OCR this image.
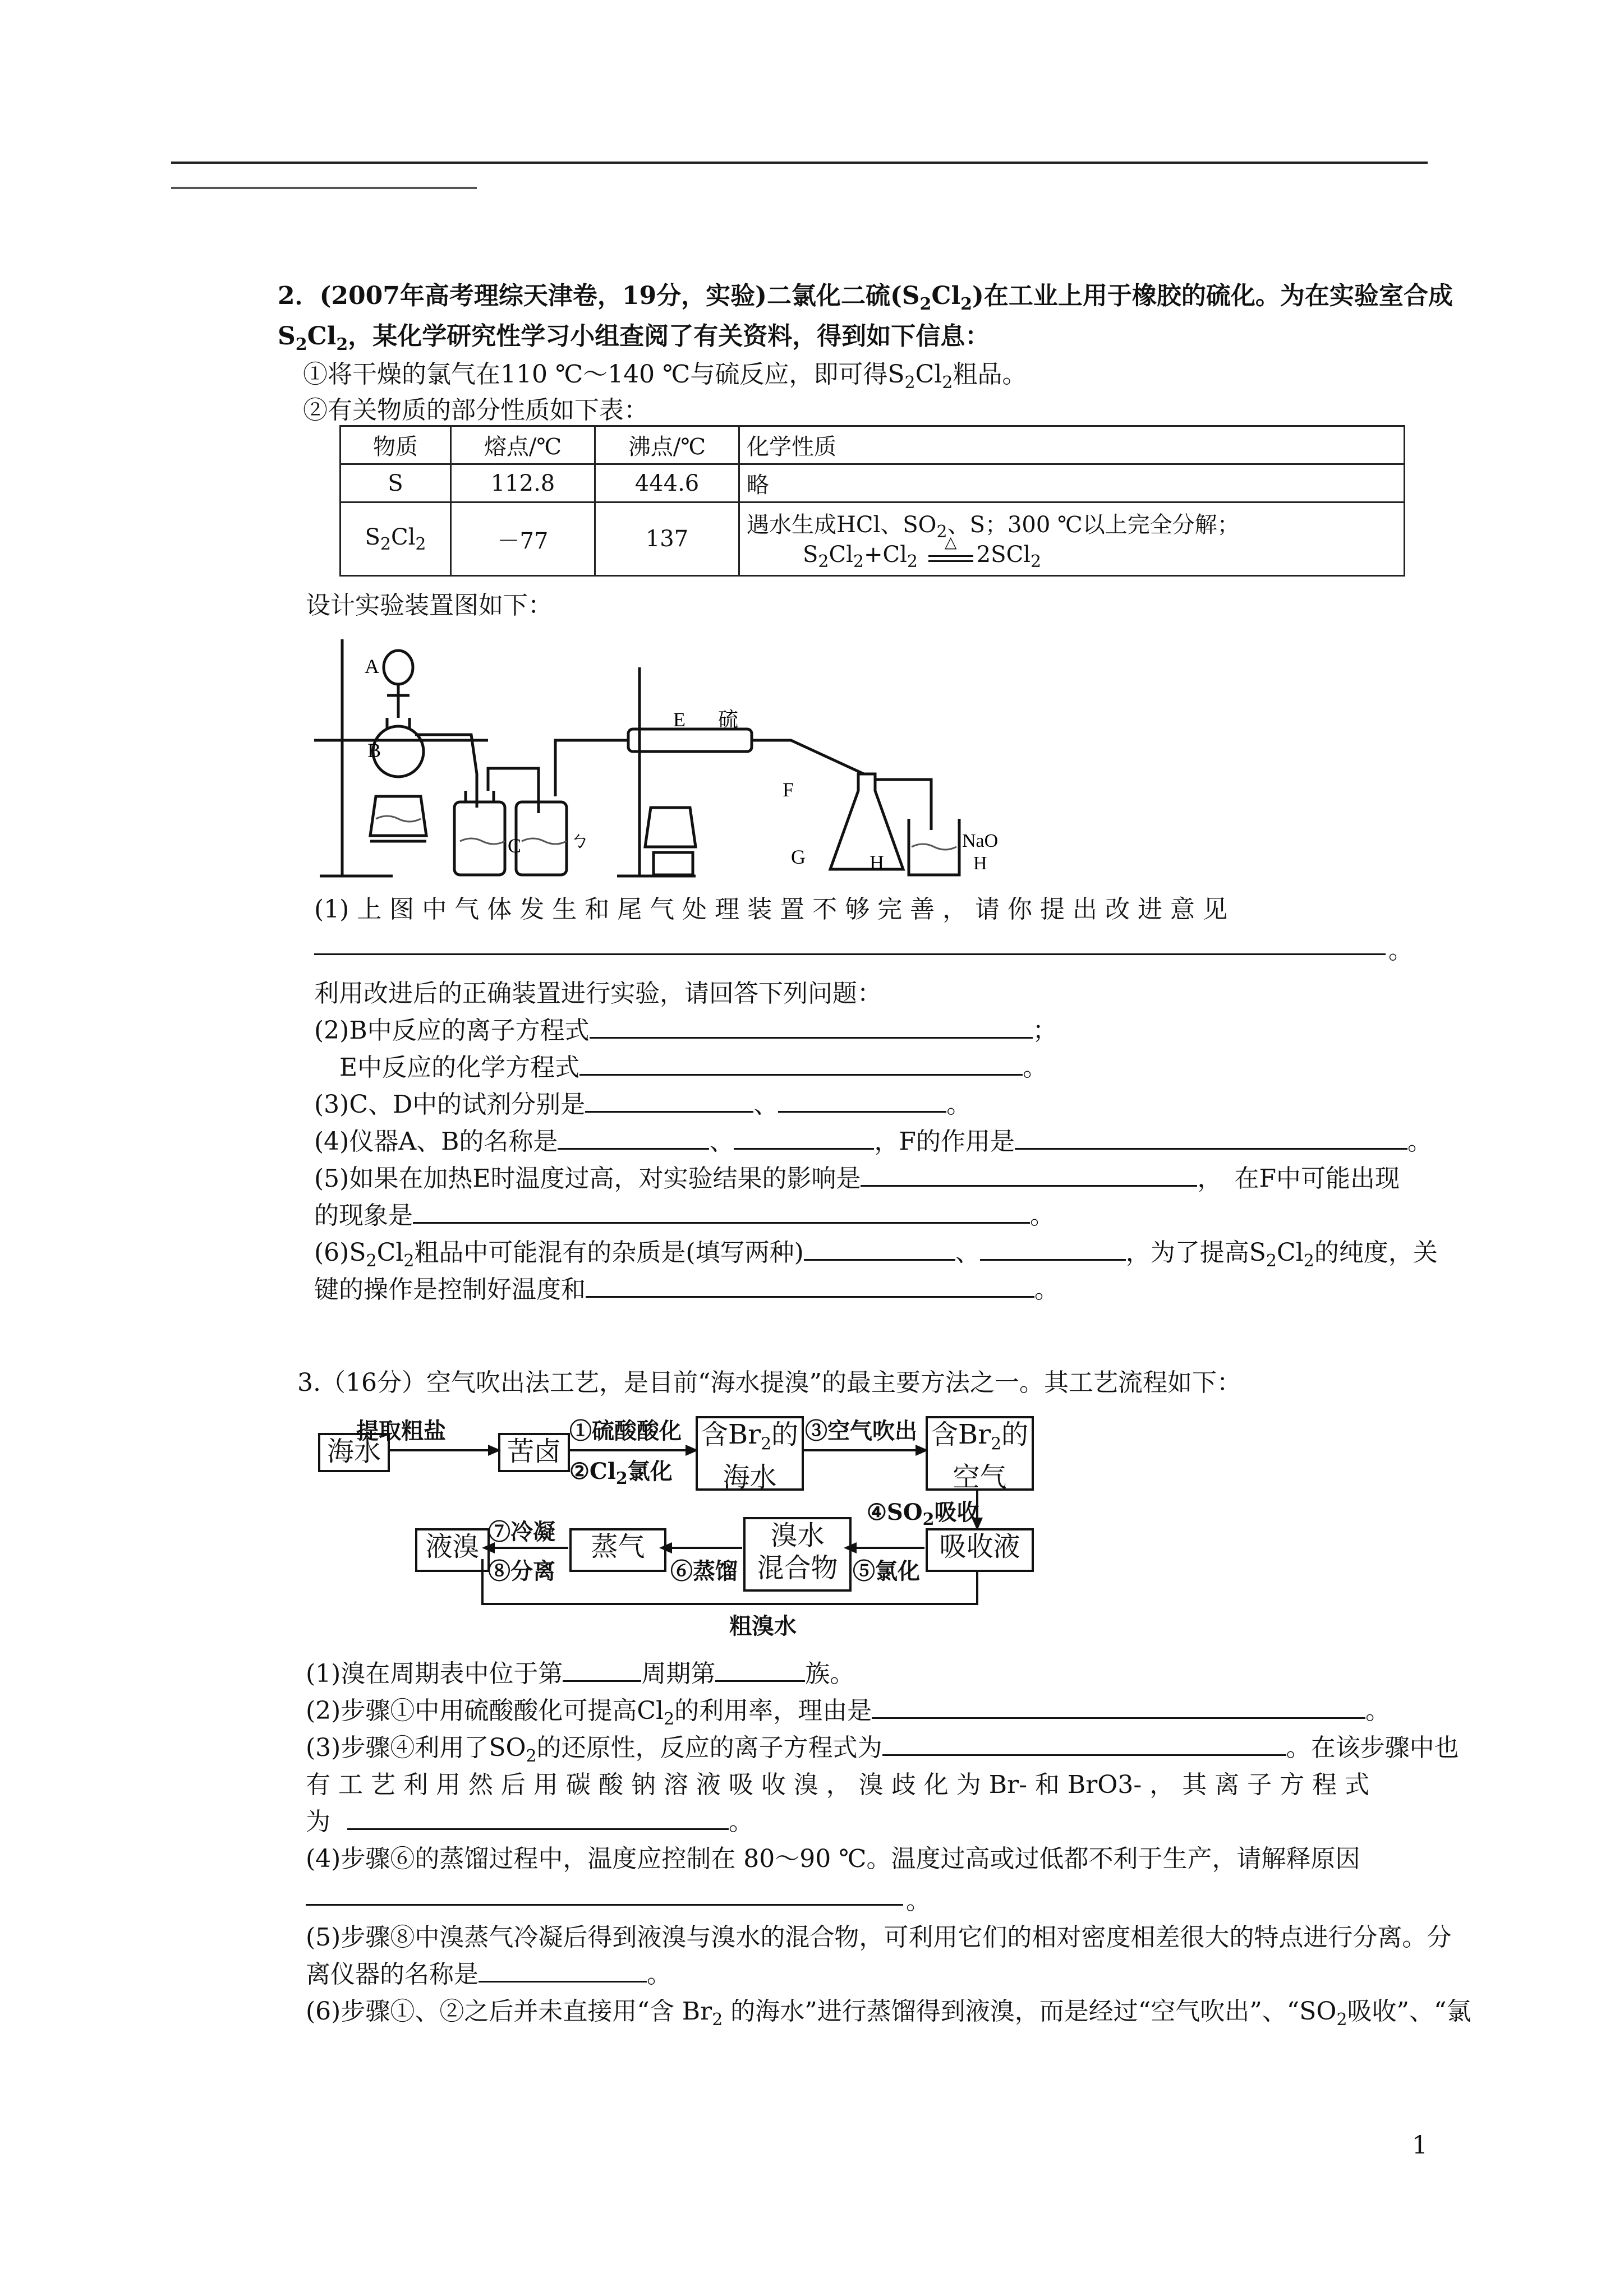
2．(2007年高考理综天津卷，19分，实验)二氯化二硫$(S_2Cl_2)$在工业上用于橡胶的硫化。为在实验室合成
$S_2Cl_2$，某化学研究性学习小组查阅了有关资料，得到如下信息：
①将干燥的氯气在110 ℃～140 ℃与硫反应，即可得$S_2Cl_2$粗品。
②有关物质的部分性质如下表：
物质	熔点/℃	沸点/℃	化学性质
S	112.8	444.6	略
$S_2Cl_2$	－77	137	遇水生成HCl、$SO_2$、S；300 ℃以上完全分解；
$S_2Cl_2+Cl_2$
△ 2SCl$_2$
设计实验装置图如下：
A
B
C ㄅ
E 硫
F
G	H
NaO
H
(1) 上 图 中 气 体 发 生 和 尾 气 处 理 装 置 不 够 完 善 ， 请 你 提 出 改 进 意 见
。
利用改进后的正确装置进行实验，请回答下列问题：
(2)B中反应的离子方程式	；
E中反应的化学方程式	。
(3)C、D中的试剂分别是	、	。
(4)仪器A、B的名称是	、	，F的作用是	。
(5)如果在加热E时温度过高，对实验结果的影响是	，　在F中可能出现
的现象是	。
$(6)S_2Cl_2$粗品中可能混有的杂质是(填写两种)	、	，为了提高$S_2Cl_2$的纯度，关
键的操作是控制好温度和	。
3.（16分）空气吹出法工艺，是目前“海水提溴”的最主要方法之一。其工艺流程如下：
海水	苦卤
含$Br_2$的
海水
含$Br_2$的
空气
吸收液
溴水
混合物
蒸气
液溴
提取粗盐	①硫酸酸化
$②Cl_2$氯化
③空气吹出
$④SO_2$吸收
⑤氯化
⑥蒸馏
⑦冷凝
⑧分离
粗溴水
(1)溴在周期表中位于第	周期第	族。
(2)步骤①中用硫酸酸化可提高$Cl_2$的利用率，理由是	。
(3)步骤④利用了$SO_2$的还原性，反应的离子方程式为	。在该步骤中也
有 工 艺 利 用 然 后 用 碳 酸 钠 溶 液 吸 收 溴 ， 溴 歧 化 为 Br- 和 BrO3- ， 其 离 子 方 程 式
为	。
(4)步骤⑥的蒸馏过程中，温度应控制在 80～90 ℃。温度过高或过低都不利于生产，请解释原因
。
(5)步骤⑧中溴蒸气冷凝后得到液溴与溴水的混合物，可利用它们的相对密度相差很大的特点进行分离。分
离仪器的名称是	。
(6)步骤①、②之后并未直接用“含 $Br_2$ 的海水”进行蒸馏得到液溴，而是经过“空气吹出”、“$SO_2$吸收”、“氯
1
